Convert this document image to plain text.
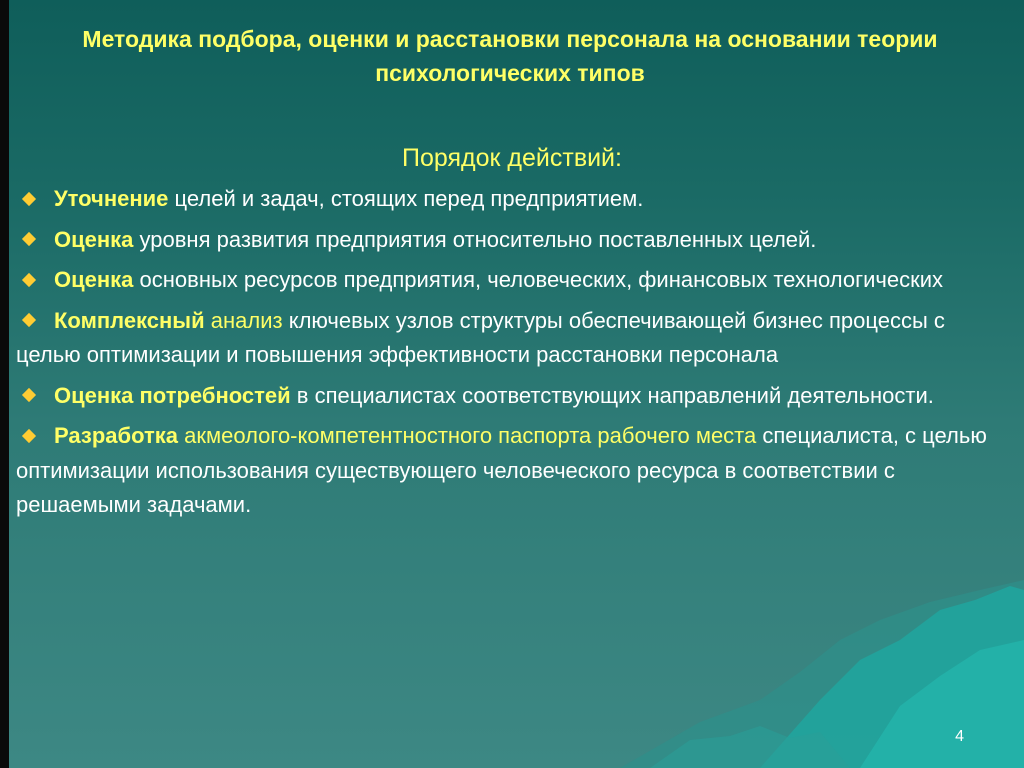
Методика подбора, оценки и расстановки персонала на основании теории психологических типов
Порядок действий:
Уточнение целей и задач, стоящих перед предприятием.
Оценка уровня развития предприятия относительно поставленных целей.
Оценка основных ресурсов предприятия, человеческих, финансовых технологических
Комплексный анализ ключевых узлов структуры обеспечивающей бизнес процессы с целью оптимизации и повышения эффективности расстановки персонала
Оценка потребностей в специалистах соответствующих направлений деятельности.
Разработка акмеолого-компетентностного паспорта рабочего места специалиста, с целью оптимизации использования существующего человеческого ресурса в соответствии с решаемыми задачами.
4
